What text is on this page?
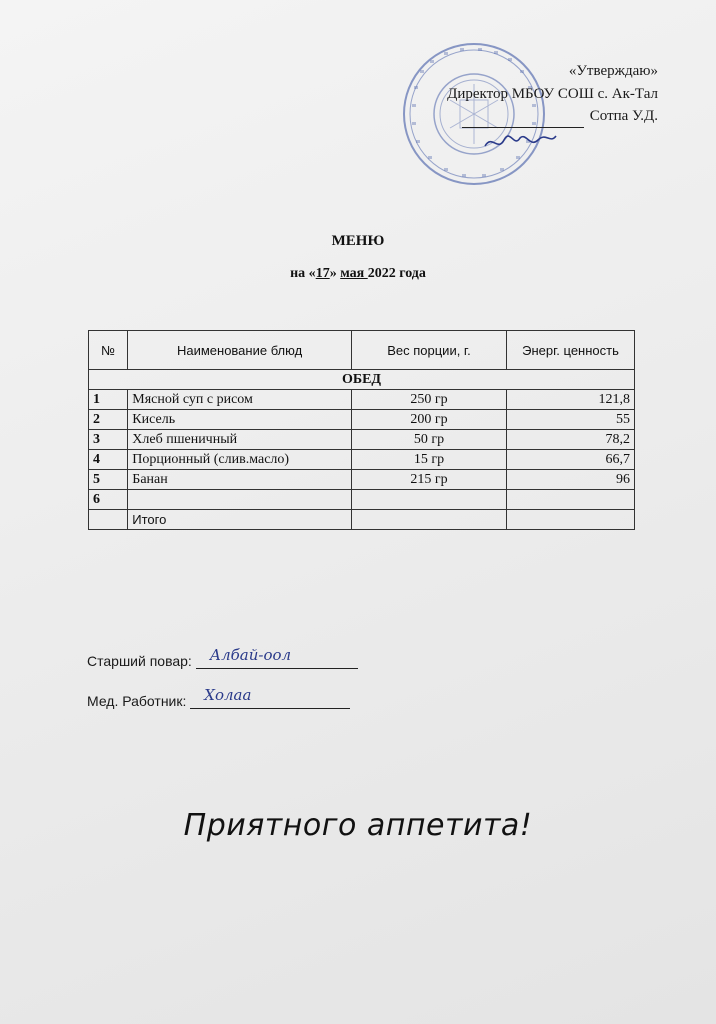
«Утверждаю»
Директор МБОУ СОШ с. Ак-Тал
Сотпа У.Д.
МЕНЮ
на «17» мая 2022 года
№	Наименование блюд	Вес порции, г.	Энерг. ценность
ОБЕД			
1	Мясной суп с рисом	250 гр	121,8
2	Кисель	200 гр	55
3	Хлеб пшеничный	50 гр	78,2
4	Порционный (слив.масло)	15 гр	66,7
5	Банан	215 гр	96
6			
	Итого		
Старший повар: Албай-оол
Мед. Работник: Холаа
Приятного аппетита!
